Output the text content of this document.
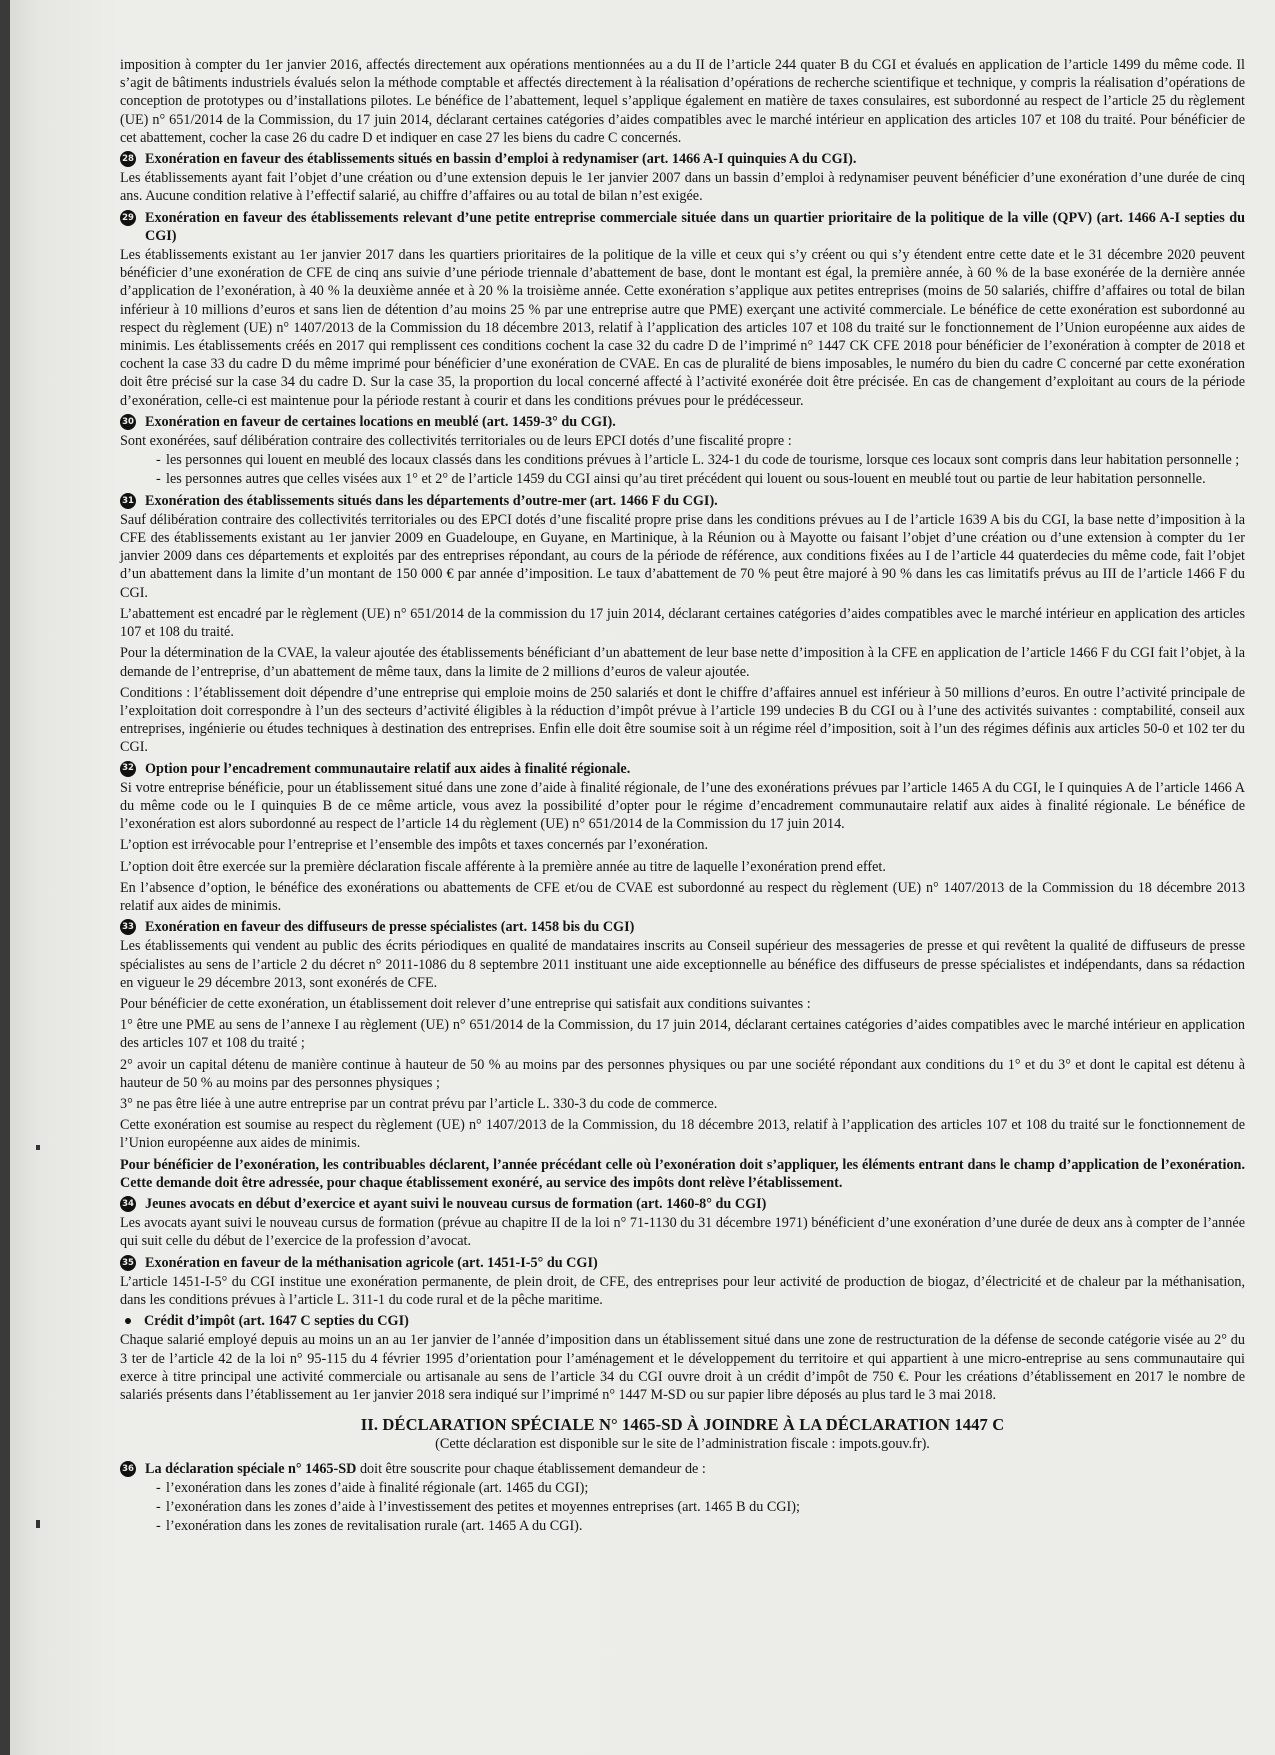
imposition à compter du 1er janvier 2016, affectés directement aux opérations mentionnées au a du II de l’article 244 quater B du CGI et évalués en application de l’article 1499 du même code. Il s’agit de bâtiments industriels évalués selon la méthode comptable et affectés directement à la réalisation d’opérations de recherche scientifique et technique, y compris la réalisation d’opérations de conception de prototypes ou d’installations pilotes. Le bénéfice de l’abattement, lequel s’applique également en matière de taxes consulaires, est subordonné au respect de l’article 25 du règlement (UE) n° 651/2014 de la Commission, du 17 juin 2014, déclarant certaines catégories d’aides compatibles avec le marché intérieur en application des articles 107 et 108 du traité. Pour bénéficier de cet abattement, cocher la case 26 du cadre D et indiquer en case 27 les biens du cadre C concernés.

28 Exonération en faveur des établissements situés en bassin d’emploi à redynamiser (art. 1466 A-I quinquies A du CGI).

Les établissements ayant fait l’objet d’une création ou d’une extension depuis le 1er janvier 2007 dans un bassin d’emploi à redynamiser peuvent bénéficier d’une exonération d’une durée de cinq ans. Aucune condition relative à l’effectif salarié, au chiffre d’affaires ou au total de bilan n’est exigée.

29 Exonération en faveur des établissements relevant d’une petite entreprise commerciale située dans un quartier prioritaire de la politique de la ville (QPV) (art. 1466 A-I septies du CGI)

Les établissements existant au 1er janvier 2017 dans les quartiers prioritaires de la politique de la ville et ceux qui s’y créent ou qui s’y étendent entre cette date et le 31 décembre 2020 peuvent bénéficier d’une exonération de CFE de cinq ans suivie d’une période triennale d’abattement de base, dont le montant est égal, la première année, à 60 % de la base exonérée de la dernière année d’application de l’exonération, à 40 % la deuxième année et à 20 % la troisième année. Cette exonération s’applique aux petites entreprises (moins de 50 salariés, chiffre d’affaires ou total de bilan inférieur à 10 millions d’euros et sans lien de détention d’au moins 25 % par une entreprise autre que PME) exerçant une activité commerciale. Le bénéfice de cette exonération est subordonné au respect du règlement (UE) n° 1407/2013 de la Commission du 18 décembre 2013, relatif à l’application des articles 107 et 108 du traité sur le fonctionnement de l’Union européenne aux aides de minimis. Les établissements créés en 2017 qui remplissent ces conditions cochent la case 32 du cadre D de l’imprimé n° 1447 CK CFE 2018 pour bénéficier de l’exonération à compter de 2018 et cochent la case 33 du cadre D du même imprimé pour bénéficier d’une exonération de CVAE. En cas de pluralité de biens imposables, le numéro du bien du cadre C concerné par cette exonération doit être précisé sur la case 34 du cadre D. Sur la case 35, la proportion du local concerné affecté à l’activité exonérée doit être précisée. En cas de changement d’exploitant au cours de la période d’exonération, celle-ci est maintenue pour la période restant à courir et dans les conditions prévues pour le prédécesseur.

30 Exonération en faveur de certaines locations en meublé (art. 1459-3° du CGI).

Sont exonérées, sauf délibération contraire des collectivités territoriales ou de leurs EPCI dotés d’une fiscalité propre :

- les personnes qui louent en meublé des locaux classés dans les conditions prévues à l’article L. 324-1 du code de tourisme, lorsque ces locaux sont compris dans leur habitation personnelle ;
- les personnes autres que celles visées aux 1° et 2° de l’article 1459 du CGI ainsi qu’au tiret précédent qui louent ou sous-louent en meublé tout ou partie de leur habitation personnelle.
31 Exonération des établissements situés dans les départements d’outre-mer (art. 1466 F du CGI).

Sauf délibération contraire des collectivités territoriales ou des EPCI dotés d’une fiscalité propre prise dans les conditions prévues au I de l’article 1639 A bis du CGI, la base nette d’imposition à la CFE des établissements existant au 1er janvier 2009 en Guadeloupe, en Guyane, en Martinique, à la Réunion ou à Mayotte ou faisant l’objet d’une création ou d’une extension à compter du 1er janvier 2009 dans ces départements et exploités par des entreprises répondant, au cours de la période de référence, aux conditions fixées au I de l’article 44 quaterdecies du même code, fait l’objet d’un abattement dans la limite d’un montant de 150 000 € par année d’imposition. Le taux d’abattement de 70 % peut être majoré à 90 % dans les cas limitatifs prévus au III de l’article 1466 F du CGI.

L’abattement est encadré par le règlement (UE) n° 651/2014 de la commission du 17 juin 2014, déclarant certaines catégories d’aides compatibles avec le marché intérieur en application des articles 107 et 108 du traité.

Pour la détermination de la CVAE, la valeur ajoutée des établissements bénéficiant d’un abattement de leur base nette d’imposition à la CFE en application de l’article 1466 F du CGI fait l’objet, à la demande de l’entreprise, d’un abattement de même taux, dans la limite de 2 millions d’euros de valeur ajoutée.

Conditions : l’établissement doit dépendre d’une entreprise qui emploie moins de 250 salariés et dont le chiffre d’affaires annuel est inférieur à 50 millions d’euros. En outre l’activité principale de l’exploitation doit correspondre à l’un des secteurs d’activité éligibles à la réduction d’impôt prévue à l’article 199 undecies B du CGI ou à l’une des activités suivantes : comptabilité, conseil aux entreprises, ingénierie ou études techniques à destination des entreprises. Enfin elle doit être soumise soit à un régime réel d’imposition, soit à l’un des régimes définis aux articles 50-0 et 102 ter du CGI.

32 Option pour l’encadrement communautaire relatif aux aides à finalité régionale.

Si votre entreprise bénéficie, pour un établissement situé dans une zone d’aide à finalité régionale, de l’une des exonérations prévues par l’article 1465 A du CGI, le I quinquies A de l’article 1466 A du même code ou le I quinquies B de ce même article, vous avez la possibilité d’opter pour le régime d’encadrement communautaire relatif aux aides à finalité régionale. Le bénéfice de l’exonération est alors subordonné au respect de l’article 14 du règlement (UE) n° 651/2014 de la Commission du 17 juin 2014.

L’option est irrévocable pour l’entreprise et l’ensemble des impôts et taxes concernés par l’exonération.

L’option doit être exercée sur la première déclaration fiscale afférente à la première année au titre de laquelle l’exonération prend effet.

En l’absence d’option, le bénéfice des exonérations ou abattements de CFE et/ou de CVAE est subordonné au respect du règlement (UE) n° 1407/2013 de la Commission du 18 décembre 2013 relatif aux aides de minimis.

33 Exonération en faveur des diffuseurs de presse spécialistes (art. 1458 bis du CGI)

Les établissements qui vendent au public des écrits périodiques en qualité de mandataires inscrits au Conseil supérieur des messageries de presse et qui revêtent la qualité de diffuseurs de presse spécialistes au sens de l’article 2 du décret n° 2011-1086 du 8 septembre 2011 instituant une aide exceptionnelle au bénéfice des diffuseurs de presse spécialistes et indépendants, dans sa rédaction en vigueur le 29 décembre 2013, sont exonérés de CFE.

Pour bénéficier de cette exonération, un établissement doit relever d’une entreprise qui satisfait aux conditions suivantes :

1° être une PME au sens de l’annexe I au règlement (UE) n° 651/2014 de la Commission, du 17 juin 2014, déclarant certaines catégories d’aides compatibles avec le marché intérieur en application des articles 107 et 108 du traité ;

2° avoir un capital détenu de manière continue à hauteur de 50 % au moins par des personnes physiques ou par une société répondant aux conditions du 1° et du 3° et dont le capital est détenu à hauteur de 50 % au moins par des personnes physiques ;

3° ne pas être liée à une autre entreprise par un contrat prévu par l’article L. 330-3 du code de commerce.

Cette exonération est soumise au respect du règlement (UE) n° 1407/2013 de la Commission, du 18 décembre 2013, relatif à l’application des articles 107 et 108 du traité sur le fonctionnement de l’Union européenne aux aides de minimis.

Pour bénéficier de l’exonération, les contribuables déclarent, l’année précédant celle où l’exonération doit s’appliquer, les éléments entrant dans le champ d’application de l’exonération. Cette demande doit être adressée, pour chaque établissement exonéré, au service des impôts dont relève l’établissement.

34 Jeunes avocats en début d’exercice et ayant suivi le nouveau cursus de formation (art. 1460-8° du CGI)

Les avocats ayant suivi le nouveau cursus de formation (prévue au chapitre II de la loi n° 71-1130 du 31 décembre 1971) bénéficient d’une exonération d’une durée de deux ans à compter de l’année qui suit celle du début de l’exercice de la profession d’avocat.

35 Exonération en faveur de la méthanisation agricole (art. 1451-I-5° du CGI)

L’article 1451-I-5° du CGI institue une exonération permanente, de plein droit, de CFE, des entreprises pour leur activité de production de biogaz, d’électricité et de chaleur par la méthanisation, dans les conditions prévues à l’article L. 311-1 du code rural et de la pêche maritime.

Crédit d’impôt (art. 1647 C septies du CGI)

Chaque salarié employé depuis au moins un an au 1er janvier de l’année d’imposition dans un établissement situé dans une zone de restructuration de la défense de seconde catégorie visée au 2° du 3 ter de l’article 42 de la loi n° 95-115 du 4 février 1995 d’orientation pour l’aménagement et le développement du territoire et qui appartient à une micro-entreprise au sens communautaire qui exerce à titre principal une activité commerciale ou artisanale au sens de l’article 34 du CGI ouvre droit à un crédit d’impôt de 750 €. Pour les créations d’établissement en 2017 le nombre de salariés présents dans l’établissement au 1er janvier 2018 sera indiqué sur l’imprimé n° 1447 M-SD ou sur papier libre déposés au plus tard le 3 mai 2018.

II. DÉCLARATION SPÉCIALE N° 1465-SD À JOINDRE À LA DÉCLARATION 1447 C
(Cette déclaration est disponible sur le site de l’administration fiscale : impots.gouv.fr).
36 La déclaration spéciale n° 1465-SD doit être souscrite pour chaque établissement demandeur de :
- l’exonération dans les zones d’aide à finalité régionale (art. 1465 du CGI);
- l’exonération dans les zones d’aide à l’investissement des petites et moyennes entreprises (art. 1465 B du CGI);
- l’exonération dans les zones de revitalisation rurale (art. 1465 A du CGI).
